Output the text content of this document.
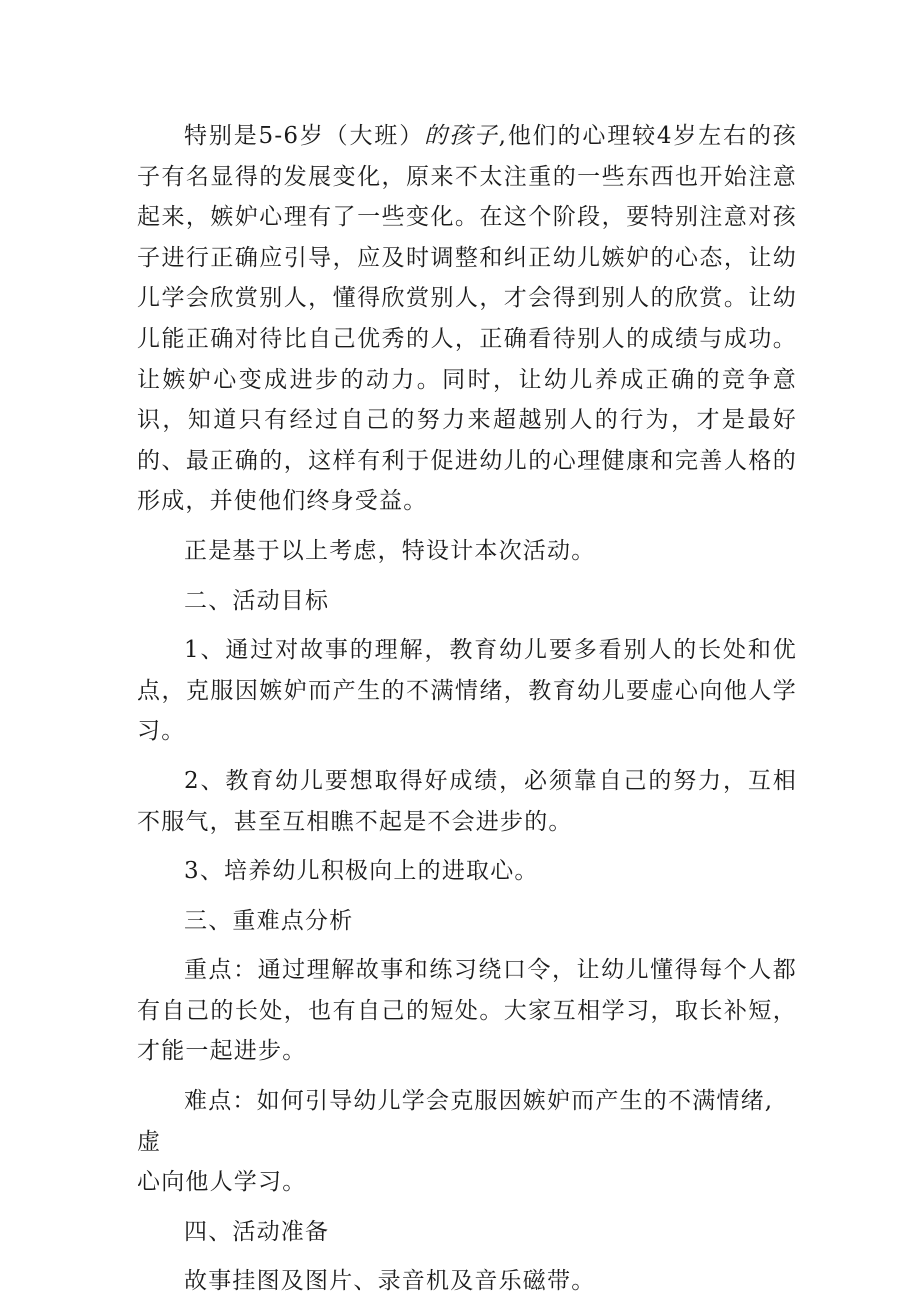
特别是5-6岁（大班）的孩子,他们的心理较4岁左右的孩子有名显得的发展变化，原来不太注重的一些东西也开始注意起来，嫉妒心理有了一些变化。在这个阶段，要特别注意对孩子进行正确应引导，应及时调整和纠正幼儿嫉妒的心态，让幼儿学会欣赏别人，懂得欣赏别人，才会得到别人的欣赏。让幼儿能正确对待比自己优秀的人，正确看待别人的成绩与成功。让嫉妒心变成进步的动力。同时，让幼儿养成正确的竞争意识，知道只有经过自己的努力来超越别人的行为，才是最好的、最正确的，这样有利于促进幼儿的心理健康和完善人格的形成，并使他们终身受益。

正是基于以上考虑，特设计本次活动。

二、活动目标

1、通过对故事的理解，教育幼儿要多看别人的长处和优点，克服因嫉妒而产生的不满情绪，教育幼儿要虚心向他人学习。

2、教育幼儿要想取得好成绩，必须靠自己的努力，互相不服气，甚至互相瞧不起是不会进步的。

3、培养幼儿积极向上的进取心。

三、重难点分析

重点：通过理解故事和练习绕口令，让幼儿懂得每个人都有自己的长处，也有自己的短处。大家互相学习，取长补短，才能一起进步。

难点：如何引导幼儿学会克服因嫉妒而产生的不满情绪,虚

心向他人学习。

四、活动准备

故事挂图及图片、录音机及音乐磁带。
